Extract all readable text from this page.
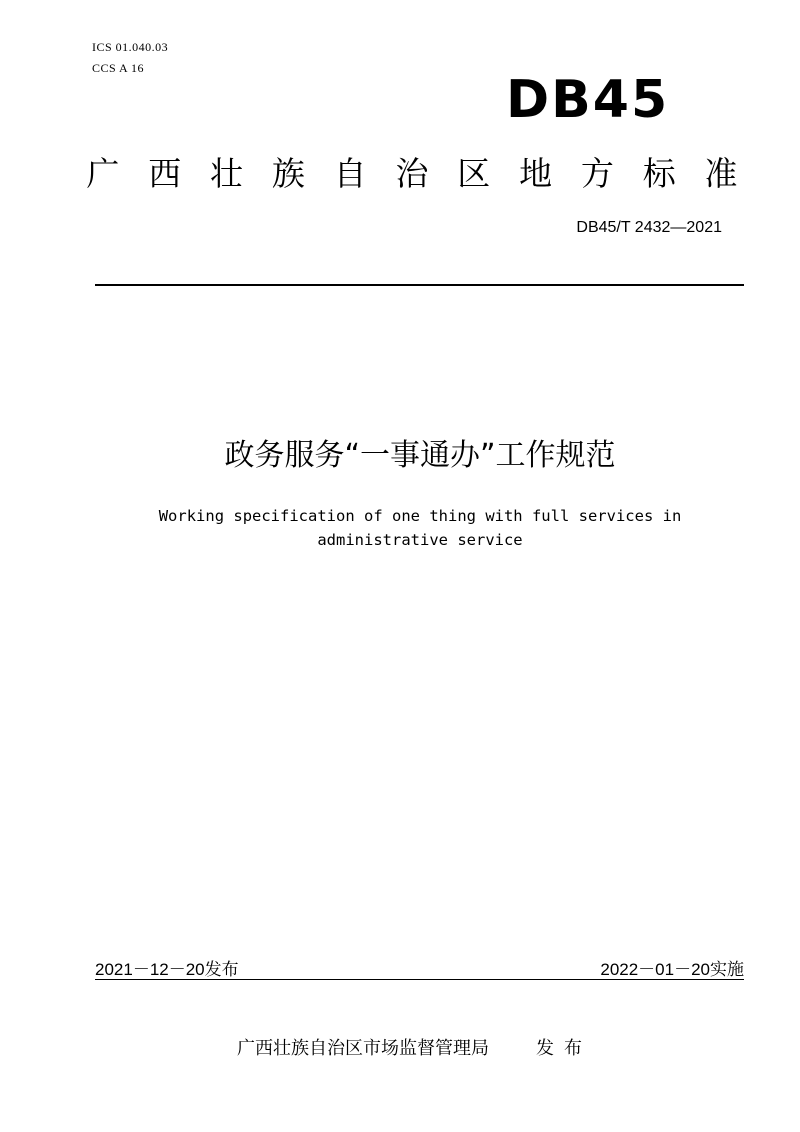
ICS 01.040.03
CCS A 16
DB45
广 西 壮 族 自 治 区 地 方 标 准
DB45/T 2432—2021
政务服务“一事通办”工作规范
Working specification of one thing with full services in administrative service
2021－12－20发布	2022－01－20实施
广西壮族自治区市场监督管理局	发布
